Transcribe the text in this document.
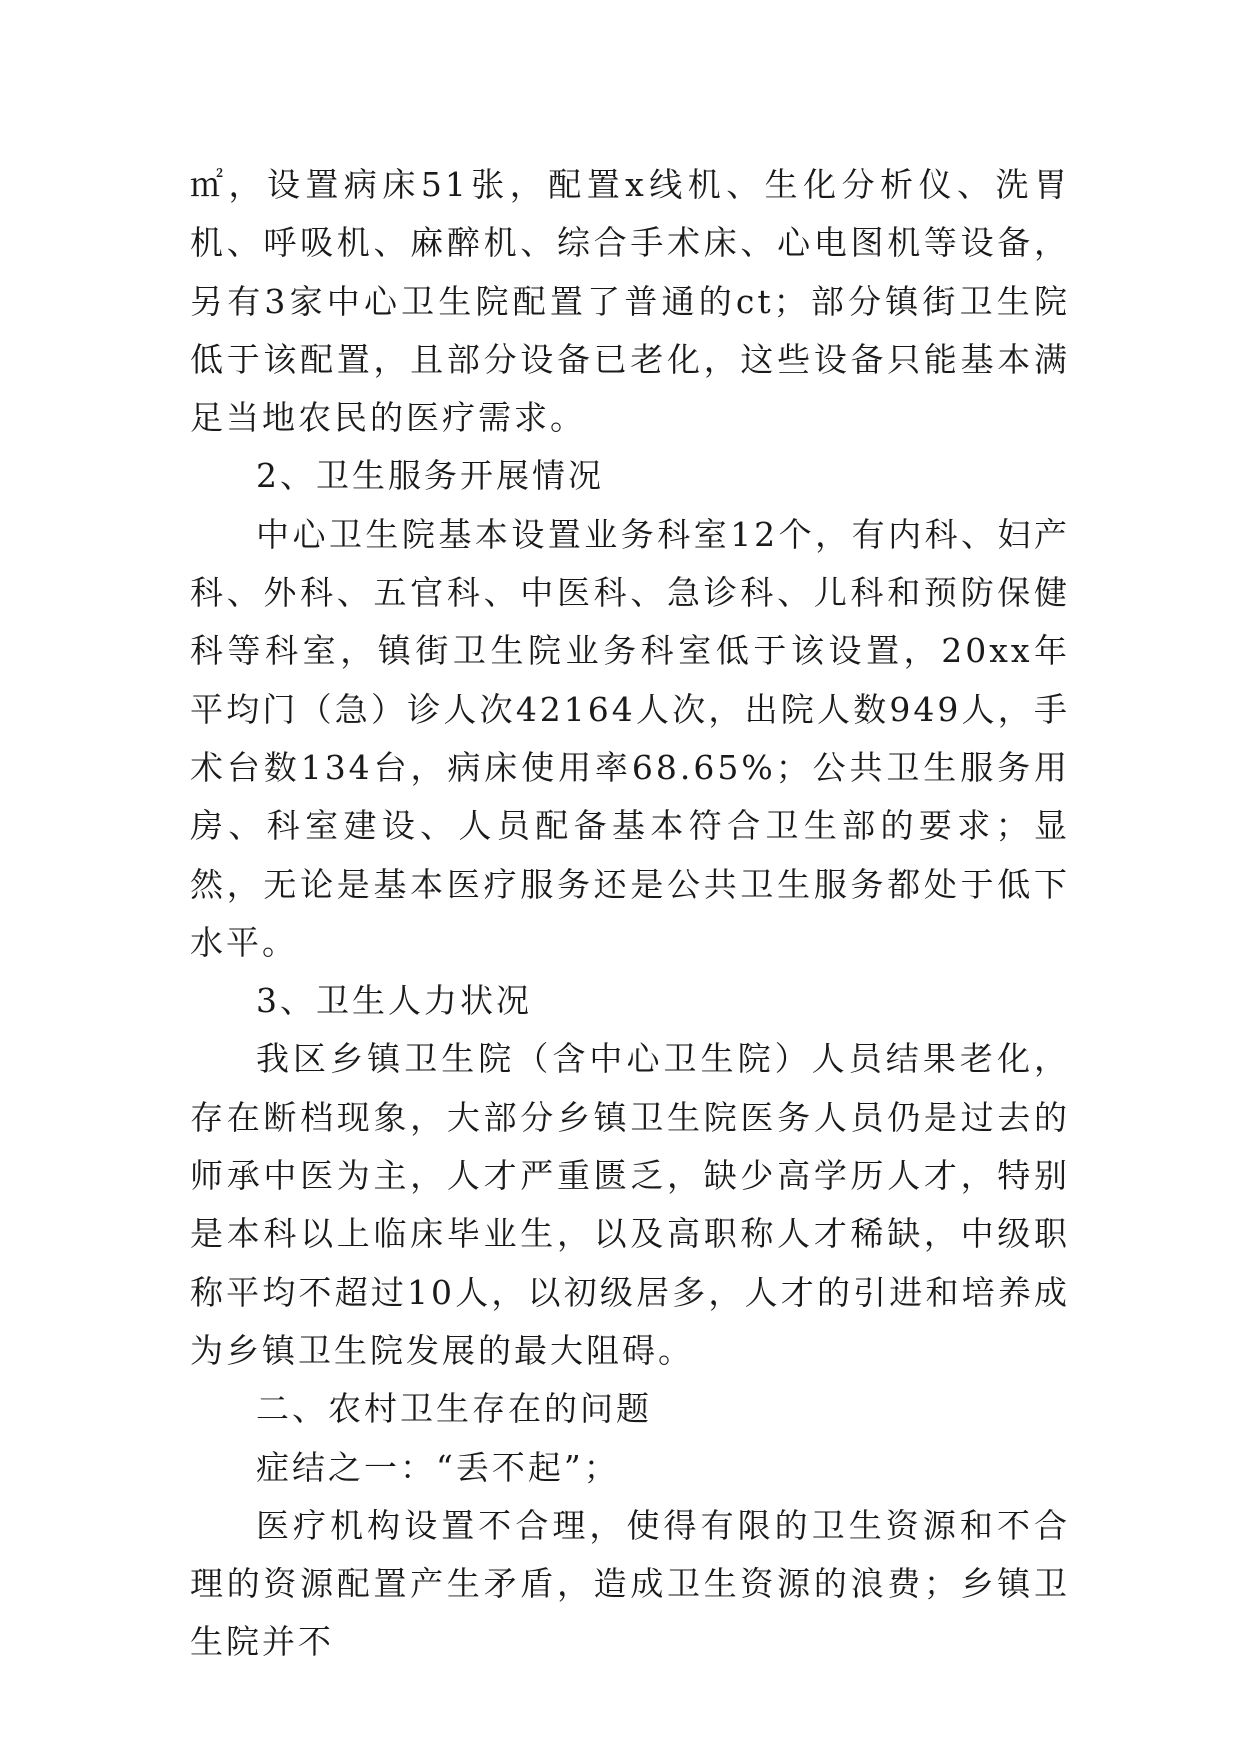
㎡，设置病床51张，配置x线机、生化分析仪、洗胃机、呼吸机、麻醉机、综合手术床、心电图机等设备，另有3家中心卫生院配置了普通的ct；部分镇街卫生院低于该配置，且部分设备已老化，这些设备只能基本满足当地农民的医疗需求。

2、卫生服务开展情况

中心卫生院基本设置业务科室12个，有内科、妇产科、外科、五官科、中医科、急诊科、儿科和预防保健科等科室，镇街卫生院业务科室低于该设置，20xx年平均门（急）诊人次42164人次，出院人数949人，手术台数134台，病床使用率68.65%；公共卫生服务用房、科室建设、人员配备基本符合卫生部的要求；显然，无论是基本医疗服务还是公共卫生服务都处于低下水平。

3、卫生人力状况

我区乡镇卫生院（含中心卫生院）人员结果老化，存在断档现象，大部分乡镇卫生院医务人员仍是过去的师承中医为主，人才严重匮乏，缺少高学历人才，特别是本科以上临床毕业生，以及高职称人才稀缺，中级职称平均不超过10人，以初级居多，人才的引进和培养成为乡镇卫生院发展的最大阻碍。

二、农村卫生存在的问题

症结之一：“丢不起”；

医疗机构设置不合理，使得有限的卫生资源和不合理的资源配置产生矛盾，造成卫生资源的浪费；乡镇卫生院并不
